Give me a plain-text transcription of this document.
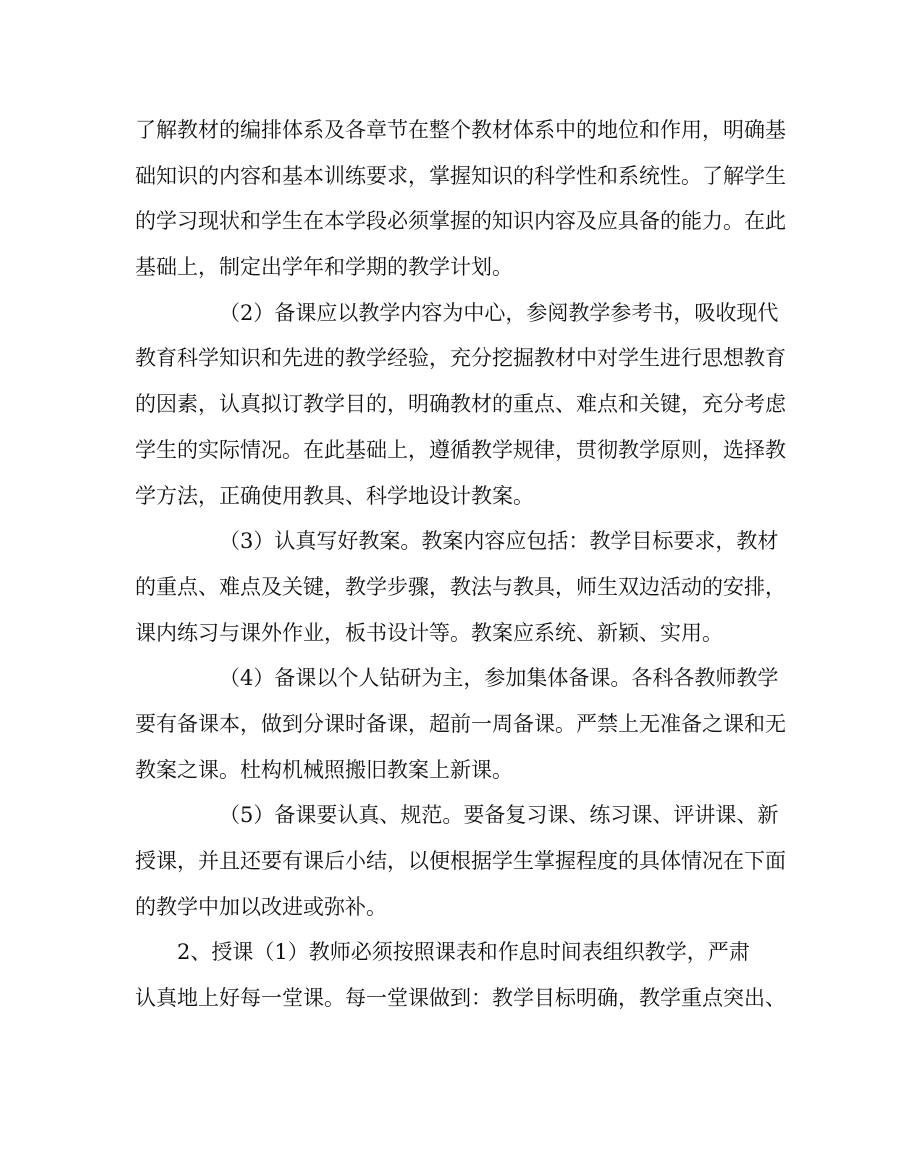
了解教材的编排体系及各章节在整个教材体系中的地位和作用，明确基
础知识的内容和基本训练要求，掌握知识的科学性和系统性。了解学生
的学习现状和学生在本学段必须掌握的知识内容及应具备的能力。在此
基础上，制定出学年和学期的教学计划。
（2）备课应以教学内容为中心，参阅教学参考书，吸收现代
教育科学知识和先进的教学经验，充分挖掘教材中对学生进行思想教育
的因素，认真拟订教学目的，明确教材的重点、难点和关键，充分考虑
学生的实际情况。在此基础上，遵循教学规律，贯彻教学原则，选择教
学方法，正确使用教具、科学地设计教案。
（3）认真写好教案。教案内容应包括：教学目标要求，教材
的重点、难点及关键，教学步骤，教法与教具，师生双边活动的安排，
课内练习与课外作业，板书设计等。教案应系统、新颖、实用。
（4）备课以个人钻研为主，参加集体备课。各科各教师教学
要有备课本，做到分课时备课，超前一周备课。严禁上无准备之课和无
教案之课。杜构机械照搬旧教案上新课。
（5）备课要认真、规范。要备复习课、练习课、评讲课、新
授课，并且还要有课后小结，以便根据学生掌握程度的具体情况在下面
的教学中加以改进或弥补。
2、授课（1）教师必须按照课表和作息时间表组织教学，严肃
认真地上好每一堂课。每一堂课做到：教学目标明确，教学重点突出、
